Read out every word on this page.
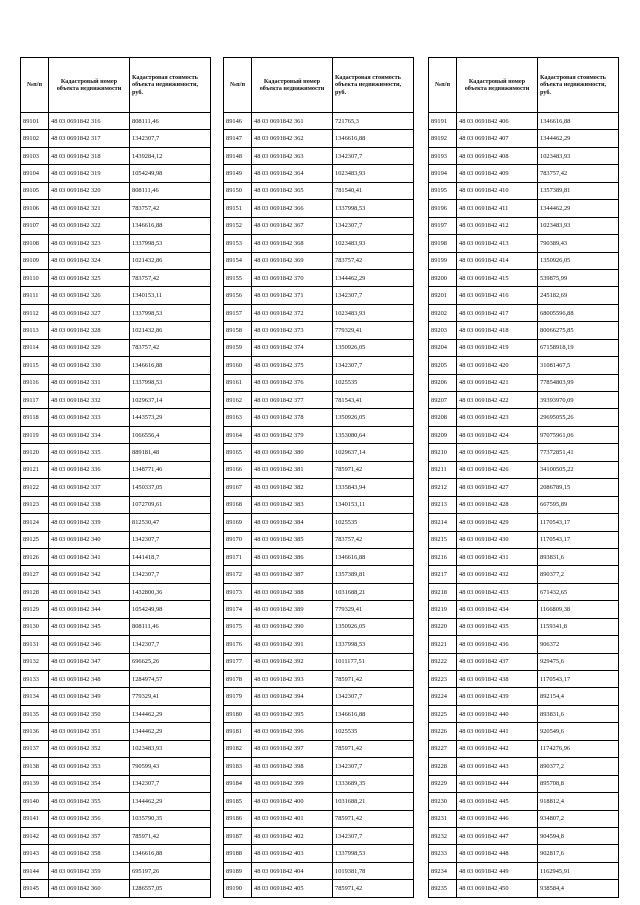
№п/п	Кадастровый номер объекта недвижимости	Кадастровая стоимость объекта недвижимости, руб.
89101	48 03 0691842 316	808111,46
89102	48 03 0691842 317	1342307,7
89103	48 03 0691842 318	1439284,12
89104	48 03 0691842 319	1054249,98
89105	48 03 0691842 320	808111,46
89106	48 03 0691842 321	783757,42
89107	48 03 0691842 322	1346616,88
89108	48 03 0691842 323	1337998,53
89109	48 03 0691842 324	1021432,86
89110	48 03 0691842 325	783757,42
89111	48 03 0691842 326	1340153,11
89112	48 03 0691842 327	1337998,53
89113	48 03 0691842 328	1021432,86
89114	48 03 0691842 329	783757,42
89115	48 03 0691842 330	1346616,88
89116	48 03 0691842 331	1337998,53
89117	48 03 0691842 332	1029637,14
89118	48 03 0691842 333	1443573,29
89119	48 03 0691842 334	1066556,4
89120	48 03 0691842 335	889181,48
89121	48 03 0691842 336	1348771,46
89122	48 03 0691842 337	1450337,05
89123	48 03 0691842 338	1072709,61
89124	48 03 0691842 339	812530,47
89125	48 03 0691842 340	1342307,7
89126	48 03 0691842 341	1441418,7
89127	48 03 0691842 342	1342307,7
89128	48 03 0691842 343	1432800,36
89129	48 03 0691842 344	1054249,98
89130	48 03 0691842 345	808111,46
89131	48 03 0691842 346	1342307,7
89132	48 03 0691842 347	696625,26
89133	48 03 0691842 348	1284974,57
89134	48 03 0691842 349	779329,41
89135	48 03 0691842 350	1344462,29
89136	48 03 0691842 351	1344462,29
89137	48 03 0691842 352	1023483,93
89138	48 03 0691842 353	790599,43
89139	48 03 0691842 354	1342307,7
89140	48 03 0691842 355	1344462,29
89141	48 03 0691842 356	1035790,35
89142	48 03 0691842 357	785971,42
89143	48 03 0691842 358	1346616,88
89144	48 03 0691842 359	695197,26
89145	48 03 0691842 360	1286557,05
№п/п	Кадастровый номер объекта недвижимости	Кадастровая стоимость объекта недвижимости, руб.
89146	48 03 0691842 361	721765,3
89147	48 03 0691842 362	1346616,88
89148	48 03 0691842 363	1342307,7
89149	48 03 0691842 364	1023483,93
89150	48 03 0691842 365	781540,41
89151	48 03 0691842 366	1337998,53
89152	48 03 0691842 367	1342307,7
89153	48 03 0691842 368	1023483,93
89154	48 03 0691842 369	783757,42
89155	48 03 0691842 370	1344462,29
89156	48 03 0691842 371	1342307,7
89157	48 03 0691842 372	1023483,93
89158	48 03 0691842 373	779329,41
89159	48 03 0691842 374	1350926,05
89160	48 03 0691842 375	1342307,7
89161	48 03 0691842 376	1025535
89162	48 03 0691842 377	781543,41
89163	48 03 0691842 378	1350926,05
89164	48 03 0691842 379	1353080,64
89165	48 03 0691842 380	1029637,14
89166	48 03 0691842 381	785971,42
89167	48 03 0691842 382	1335843,94
89168	48 03 0691842 383	1340153,11
89169	48 03 0691842 384	1025535
89170	48 03 0691842 385	783757,42
89171	48 03 0691842 386	1346616,88
89172	48 03 0691842 387	1357389,81
89173	48 03 0691842 388	1031688,21
89174	48 03 0691842 389	779329,41
89175	48 03 0691842 390	1350926,05
89176	48 03 0691842 391	1337998,53
89177	48 03 0691842 392	1011177,51
89178	48 03 0691842 393	785971,42
89179	48 03 0691842 394	1342307,7
89180	48 03 0691842 395	1346616,88
89181	48 03 0691842 396	1025535
89182	48 03 0691842 397	785971,42
89183	48 03 0691842 398	1342307,7
89184	48 03 0691842 399	1333689,35
89185	48 03 0691842 400	1031688,21
89186	48 03 0691842 401	785971,42
89187	48 03 0691842 402	1342307,7
89188	48 03 0691842 403	1337998,53
89189	48 03 0691842 404	1019381,78
89190	48 03 0691842 405	785971,42
№п/п	Кадастровый номер объекта недвижимости	Кадастровая стоимость объекта недвижимости, руб.
89191	48 03 0691842 406	1346616,88
89192	48 03 0691842 407	1344462,29
89193	48 03 0691842 408	1023483,93
89194	48 03 0691842 409	783757,42
89195	48 03 0691842 410	1357389,81
89196	48 03 0691842 411	1344462,29
89197	48 03 0691842 412	1023483,93
89198	48 03 0691842 413	790389,43
89199	48 03 0691842 414	1350926,05
89200	48 03 0691842 415	539875,99
89201	48 03 0691842 416	245182,69
89202	48 03 0691842 417	68005596,88
89203	48 03 0691842 418	80066275,85
89204	48 03 0691842 419	67158918,19
89205	48 03 0691842 420	31081467,5
89206	48 03 0691842 421	77854803,99
89207	48 03 0691842 422	39393970,09
89208	48 03 0691842 423	29695055,26
89209	48 03 0691842 424	97075961,06
89210	48 03 0691842 425	77372851,41
89211	48 03 0691842 426	34100505,22
89212	48 03 0691842 427	2086789,15
89213	48 03 0691842 428	667595,89
89214	48 03 0691842 429	1170543,17
89215	48 03 0691842 430	1170543,17
89216	48 03 0691842 431	893831,6
89217	48 03 0691842 432	890377,2
89218	48 03 0691842 433	671432,65
89219	48 03 0691842 434	1166809,38
89220	48 03 0691842 435	1159341,8
89221	48 03 0691842 436	906372
89222	48 03 0691842 437	929475,6
89223	48 03 0691842 438	1170543,17
89224	48 03 0691842 439	892154,4
89225	48 03 0691842 440	893831,6
89226	48 03 0691842 441	920549,6
89227	48 03 0691842 442	1174276,96
89228	48 03 0691842 443	890377,2
89229	48 03 0691842 444	895708,8
89230	48 03 0691842 445	918812,4
89231	48 03 0691842 446	934807,2
89232	48 03 0691842 447	904594,8
89233	48 03 0691842 448	902817,6
89234	48 03 0691842 449	1162945,91
89235	48 03 0691842 450	938584,4
